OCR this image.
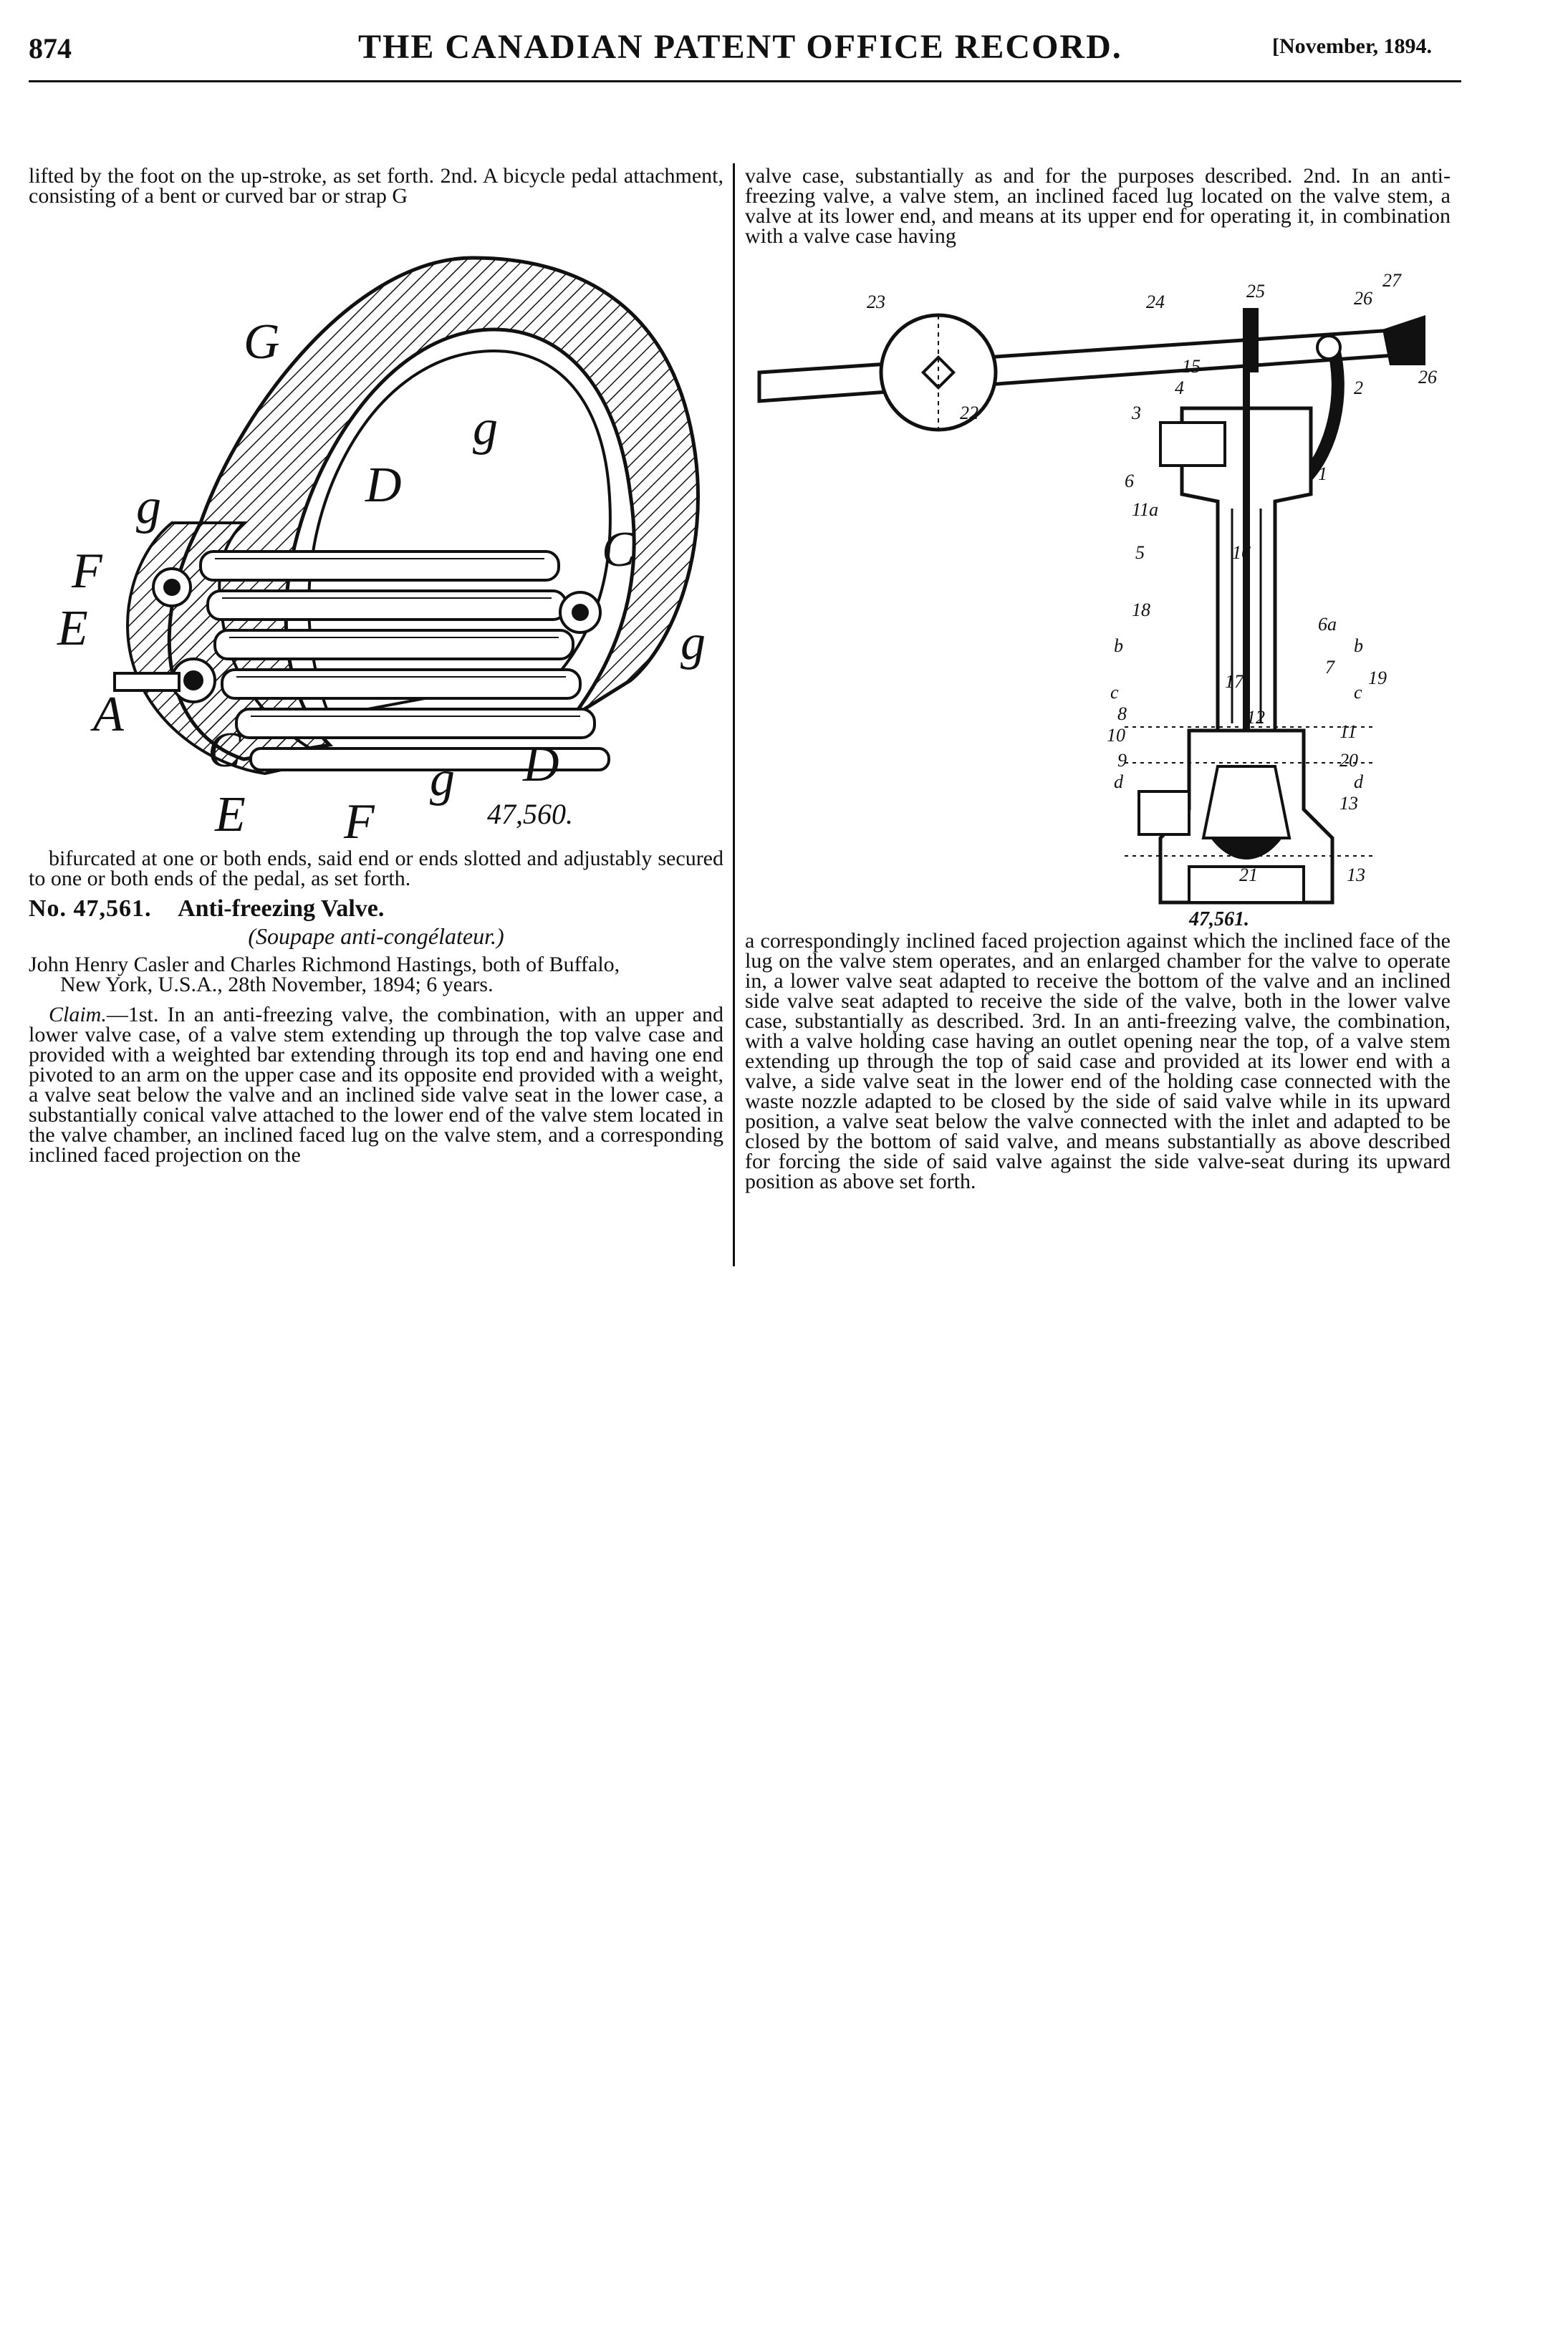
874	THE CANADIAN PATENT OFFICE RECORD.	[November, 1894.

lifted by the foot on the up-stroke, as set forth. 2nd. A bicycle pedal attachment, consisting of a bent or curved bar or strap G

G
g
g
g
g
D
D
C
C
F
F
E
E
A
47,560.

bifurcated at one or both ends, said end or ends slotted and adjustably secured to one or both ends of the pedal, as set forth.

No. 47,561. Anti-freezing Valve.

(Soupape anti-congélateur.)

John Henry Casler and Charles Richmond Hastings, both of Buffalo,
New York, U.S.A., 28th November, 1894; 6 years.

Claim.—1st. In an anti-freezing valve, the combination, with an upper and lower valve case, of a valve stem extending up through the top valve case and provided with a weighted bar extending through its top end and having one end pivoted to an arm on the upper case and its opposite end provided with a weight, a valve seat below the valve and an inclined side valve seat in the lower case, a substantially conical valve attached to the lower end of the valve stem located in the valve chamber, an inclined faced lug on the valve stem, and a corresponding inclined faced projection on the

valve case, substantially as and for the purposes described. 2nd. In an anti-freezing valve, a valve stem, an inclined faced lug located on the valve stem, a valve at its lower end, and means at its upper end for operating it, in combination with a valve case having

27
23	24
25	26
26
15
4	2
3
1
6
11a
5	16
18
6a
b	b
19
17
c	c
7
8
10
9
12
11
20
d	d
13
21	13
22
47,561.

a correspondingly inclined faced projection against which the inclined face of the lug on the valve stem operates, and an enlarged chamber for the valve to operate in, a lower valve seat adapted to receive the bottom of the valve and an inclined side valve seat adapted to receive the side of the valve, both in the lower valve case, substantially as described. 3rd. In an anti-freezing valve, the combination, with a valve holding case having an outlet opening near the top, of a valve stem extending up through the top of said case and provided at its lower end with a valve, a side valve seat in the lower end of the holding case connected with the waste nozzle adapted to be closed by the side of said valve while in its upward position, a valve seat below the valve connected with the inlet and adapted to be closed by the bottom of said valve, and means substantially as above described for forcing the side of said valve against the side valve-seat during its upward position as above set forth.
